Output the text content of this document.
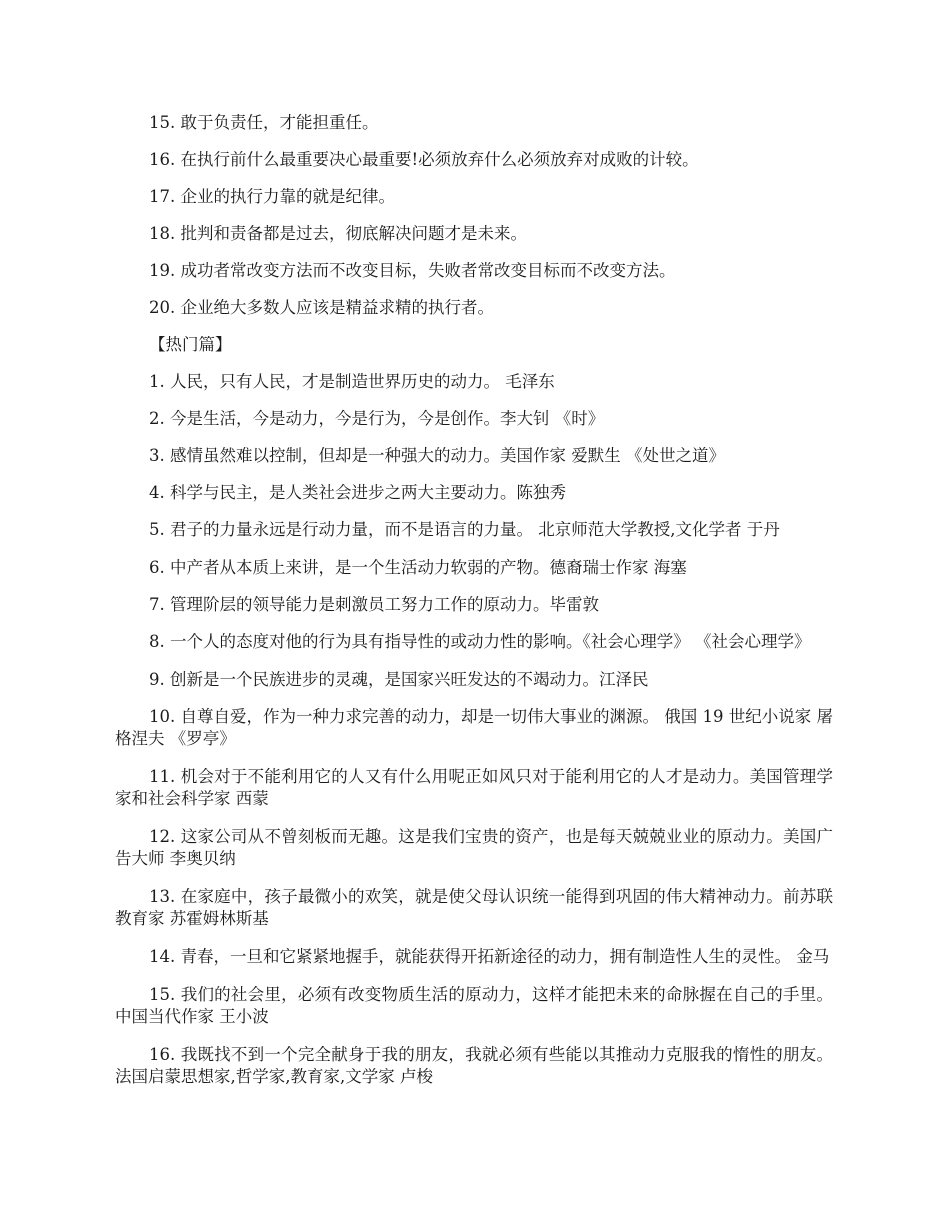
15. 敢于负责任，才能担重任。

16. 在执行前什么最重要决心最重要!必须放弃什么必须放弃对成败的计较。

17. 企业的执行力靠的就是纪律。

18. 批判和责备都是过去，彻底解决问题才是未来。

19. 成功者常改变方法而不改变目标，失败者常改变目标而不改变方法。

20. 企业绝大多数人应该是精益求精的执行者。

【热门篇】

1. 人民，只有人民，才是制造世界历史的动力。 毛泽东

2. 今是生活，今是动力，今是行为，今是创作。李大钊 《时》

3. 感情虽然难以控制，但却是一种强大的动力。美国作家 爱默生 《处世之道》

4. 科学与民主，是人类社会进步之两大主要动力。陈独秀

5. 君子的力量永远是行动力量，而不是语言的力量。 北京师范大学教授,文化学者 于丹

6. 中产者从本质上来讲，是一个生活动力软弱的产物。德裔瑞士作家 海塞

7. 管理阶层的领导能力是刺激员工努力工作的原动力。毕雷敦

8. 一个人的态度对他的行为具有指导性的或动力性的影响。《社会心理学》 《社会心理学》

9. 创新是一个民族进步的灵魂，是国家兴旺发达的不竭动力。江泽民

10. 自尊自爱，作为一种力求完善的动力，却是一切伟大事业的渊源。 俄国 19 世纪小说家 屠格涅夫 《罗亭》

11. 机会对于不能利用它的人又有什么用呢正如风只对于能利用它的人才是动力。美国管理学家和社会科学家 西蒙

12. 这家公司从不曾刻板而无趣。这是我们宝贵的资产，也是每天兢兢业业的原动力。美国广告大师 李奥贝纳

13. 在家庭中，孩子最微小的欢笑，就是使父母认识统一能得到巩固的伟大精神动力。前苏联教育家 苏霍姆林斯基

14. 青春，一旦和它紧紧地握手，就能获得开拓新途径的动力，拥有制造性人生的灵性。 金马

15. 我们的社会里，必须有改变物质生活的原动力，这样才能把未来的命脉握在自己的手里。中国当代作家 王小波

16. 我既找不到一个完全献身于我的朋友，我就必须有些能以其推动力克服我的惰性的朋友。法国启蒙思想家,哲学家,教育家,文学家 卢梭
